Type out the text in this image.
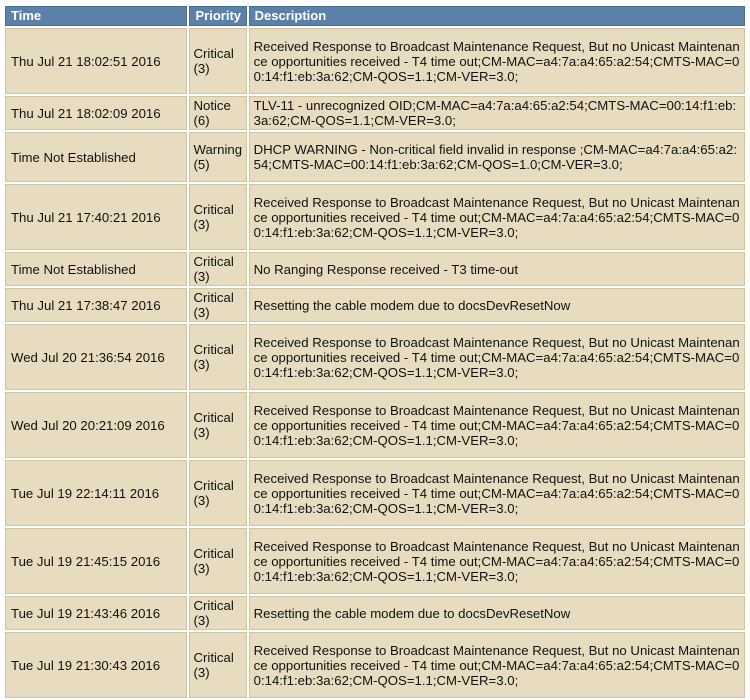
Time	Priority	Description
Thu Jul 21 18:02:51 2016	Critical (3)	Received Response to Broadcast Maintenance Request, But no Unicast Maintenance opportunities received - T4 time out;CM-MAC=a4:7a:a4:65:a2:54;CMTS-MAC=00:14:f1:eb:3a:62;CM-QOS=1.1;CM-VER=3.0;
Thu Jul 21 18:02:09 2016	Notice (6)	TLV-11 - unrecognized OID;CM-MAC=a4:7a:a4:65:a2:54;CMTS-MAC=00:14:f1:eb:3a:62;CM-QOS=1.1;CM-VER=3.0;
Time Not Established	Warning (5)	DHCP WARNING - Non-critical field invalid in response ;CM-MAC=a4:7a:a4:65:a2:54;CMTS-MAC=00:14:f1:eb:3a:62;CM-QOS=1.0;CM-VER=3.0;
Thu Jul 21 17:40:21 2016	Critical (3)	Received Response to Broadcast Maintenance Request, But no Unicast Maintenance opportunities received - T4 time out;CM-MAC=a4:7a:a4:65:a2:54;CMTS-MAC=00:14:f1:eb:3a:62;CM-QOS=1.1;CM-VER=3.0;
Time Not Established	Critical (3)	No Ranging Response received - T3 time-out
Thu Jul 21 17:38:47 2016	Critical (3)	Resetting the cable modem due to docsDevResetNow
Wed Jul 20 21:36:54 2016	Critical (3)	Received Response to Broadcast Maintenance Request, But no Unicast Maintenance opportunities received - T4 time out;CM-MAC=a4:7a:a4:65:a2:54;CMTS-MAC=00:14:f1:eb:3a:62;CM-QOS=1.1;CM-VER=3.0;
Wed Jul 20 20:21:09 2016	Critical (3)	Received Response to Broadcast Maintenance Request, But no Unicast Maintenance opportunities received - T4 time out;CM-MAC=a4:7a:a4:65:a2:54;CMTS-MAC=00:14:f1:eb:3a:62;CM-QOS=1.1;CM-VER=3.0;
Tue Jul 19 22:14:11 2016	Critical (3)	Received Response to Broadcast Maintenance Request, But no Unicast Maintenance opportunities received - T4 time out;CM-MAC=a4:7a:a4:65:a2:54;CMTS-MAC=00:14:f1:eb:3a:62;CM-QOS=1.1;CM-VER=3.0;
Tue Jul 19 21:45:15 2016	Critical (3)	Received Response to Broadcast Maintenance Request, But no Unicast Maintenance opportunities received - T4 time out;CM-MAC=a4:7a:a4:65:a2:54;CMTS-MAC=00:14:f1:eb:3a:62;CM-QOS=1.1;CM-VER=3.0;
Tue Jul 19 21:43:46 2016	Critical (3)	Resetting the cable modem due to docsDevResetNow
Tue Jul 19 21:30:43 2016	Critical (3)	Received Response to Broadcast Maintenance Request, But no Unicast Maintenance opportunities received - T4 time out;CM-MAC=a4:7a:a4:65:a2:54;CMTS-MAC=00:14:f1:eb:3a:62;CM-QOS=1.1;CM-VER=3.0;
